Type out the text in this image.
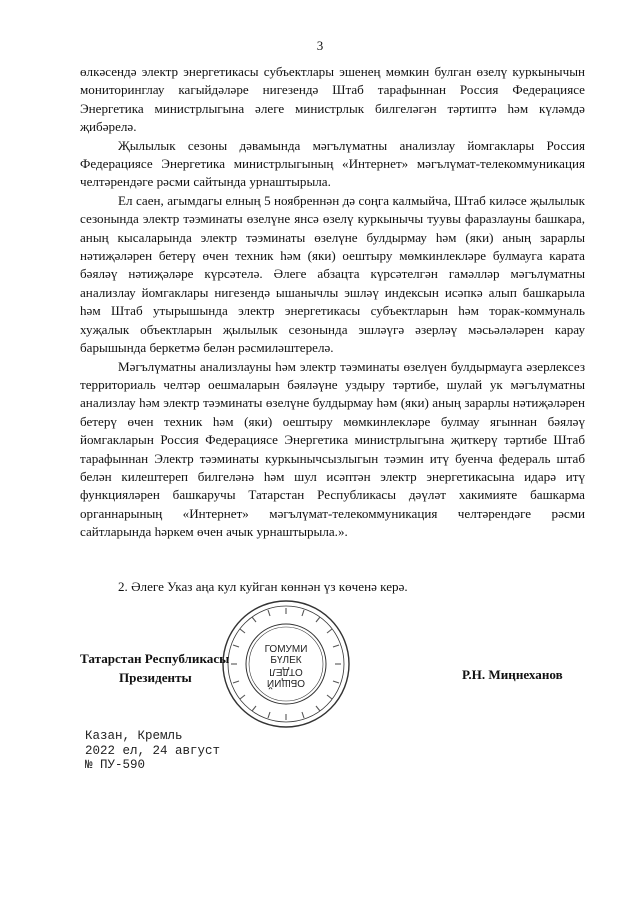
3

өлкәсендә электр энергетикасы субъектлары эшенең мөмкин булган өзелү куркынычын мониторинглау кагыйдәләре нигезендә Штаб тарафыннан Россия Федерациясе Энергетика министрлыгына әлеге министрлык билгеләгән тәртиптә һәм күләмдә җибәрелә.

Җылылык сезоны дәвамында мәгълүматны анализлау йомгаклары Россия Федерациясе Энергетика министрлыгының «Интернет» мәгълүмат-телекоммуникация челтәрендәге рәсми сайтында урнаштырыла.

Ел саен, агымдагы елның 5 ноябреннән дә соңга калмыйча, Штаб киләсе җылылык сезонында электр тәэминаты өзелүне янсә өзелү куркынычы туувы фаразлауны башкара, аның кысаларында электр тәэминаты өзелүне булдырмау һәм (яки) аның зарарлы нәтиҗәләрен бетерү өчен техник һәм (яки) оештыру мөмкинлекләре булмауга карата бәяләү нәтиҗәләре күрсәтелә. Әлеге абзацта күрсәтелгән гамәлләр мәгълүматны анализлау йомгаклары нигезендә ышанычлы эшләү индексын исәпкә алып башкарыла һәм Штаб утырышында электр энергетикасы субъектларын һәм торак-коммуналь хуҗалык объектларын җылылык сезонында эшләүгә әзерләү мәсьәләләрен карау барышында беркетмә белән рәсмиләштерелә.

Мәгълүматны анализлауны һәм электр тәэминаты өзелүен булдырмауга әзерлексез территориаль челтәр оешмаларын бәяләүне уздыру тәртибе, шулай ук мәгълүматны анализлау һәм электр тәэминаты өзелүне булдырмау һәм (яки) аның зарарлы нәтиҗәләрен бетерү өчен техник һәм (яки) оештыру мөмкинлекләре булмау ягыннан бәяләү йомгакларын Россия Федерациясе Энергетика министрлыгына җиткерү тәртибе Штаб тарафыннан Электр тәэминаты куркынычсызлыгын тәэмин итү буенча федераль штаб белән килештереп билгеләнә һәм шул исәптән электр энергетикасына идарә итү функцияләрен башкаручы Татарстан Республикасы дәүләт хакимияте башкарма органнарының «Интернет» мәгълүмат-телекоммуникация челтәрендәге рәсми сайтларында һәркем өчен ачык урнаштырыла.».

2. Әлеге Указ аңа кул куйган көннән үз көченә керә.
ГОМУМИ
БҮЛЕК
ОБЩИЙ
ОТДЕЛ
Татарстан Республикасы
Президенты	Р.Н. Миңнеханов
Казан, Кремль
2022 ел, 24 август
№ ПУ-590
